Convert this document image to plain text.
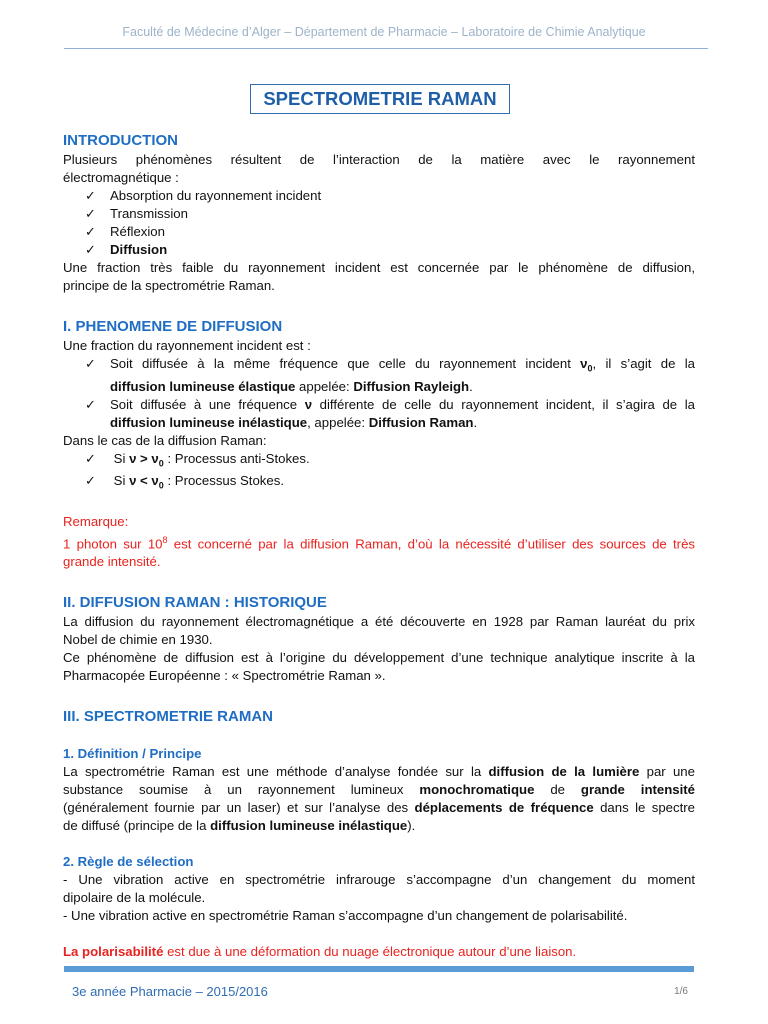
Faculté de Médecine d’Alger – Département de Pharmacie – Laboratoire de Chimie Analytique
SPECTROMETRIE RAMAN
INTRODUCTION

Plusieurs phénomènes résultent de l’interaction de la matière avec le rayonnement

électromagnétique :

✓ Absorption du rayonnement incident
✓ Transmission
✓ Réflexion
✓ Diffusion

Une fraction très faible du rayonnement incident est concernée par le phénomène de diffusion,

principe de la spectrométrie Raman.

I. PHENOMENE DE DIFFUSION

Une fraction du rayonnement incident est :

✓ Soit diffusée à la même fréquence que celle du rayonnement incident $\nu_0$, il s’agit de la
diffusion lumineuse élastique appelée: Diffusion Rayleigh.
✓ Soit diffusée à une fréquence ν différente de celle du rayonnement incident, il s’agira de la
diffusion lumineuse inélastique, appelée: Diffusion Raman.

Dans le cas de la diffusion Raman:

✓ Si $\nu > \nu_0$ : Processus anti-Stokes.
✓ Si $\nu < \nu_0$ : Processus Stokes.

Remarque:

1 photon sur $10^8$ est concerné par la diffusion Raman, d’où la nécessité d’utiliser des sources de très

grande intensité.

II. DIFFUSION RAMAN : HISTORIQUE

La diffusion du rayonnement électromagnétique a été découverte en 1928 par Raman lauréat du prix

Nobel de chimie en 1930.

Ce phénomène de diffusion est à l’origine du développement d’une technique analytique inscrite à la

Pharmacopée Européenne : « Spectrométrie Raman ».

III. SPECTROMETRIE RAMAN
1. Définition / Principe

La spectrométrie Raman est une méthode d’analyse fondée sur la diffusion de la lumière par une

substance soumise à un rayonnement lumineux monochromatique de grande intensité

(généralement fournie par un laser) et sur l’analyse des déplacements de fréquence dans le spectre

de diffusé (principe de la diffusion lumineuse inélastique).

2. Règle de sélection

- Une vibration active en spectrométrie infrarouge s’accompagne d’un changement du moment

dipolaire de la molécule.

- Une vibration active en spectrométrie Raman s’accompagne d’un changement de polarisabilité.

La polarisabilité est due à une déformation du nuage électronique autour d’une liaison.

3e année Pharmacie – 2015/2016	1/6
